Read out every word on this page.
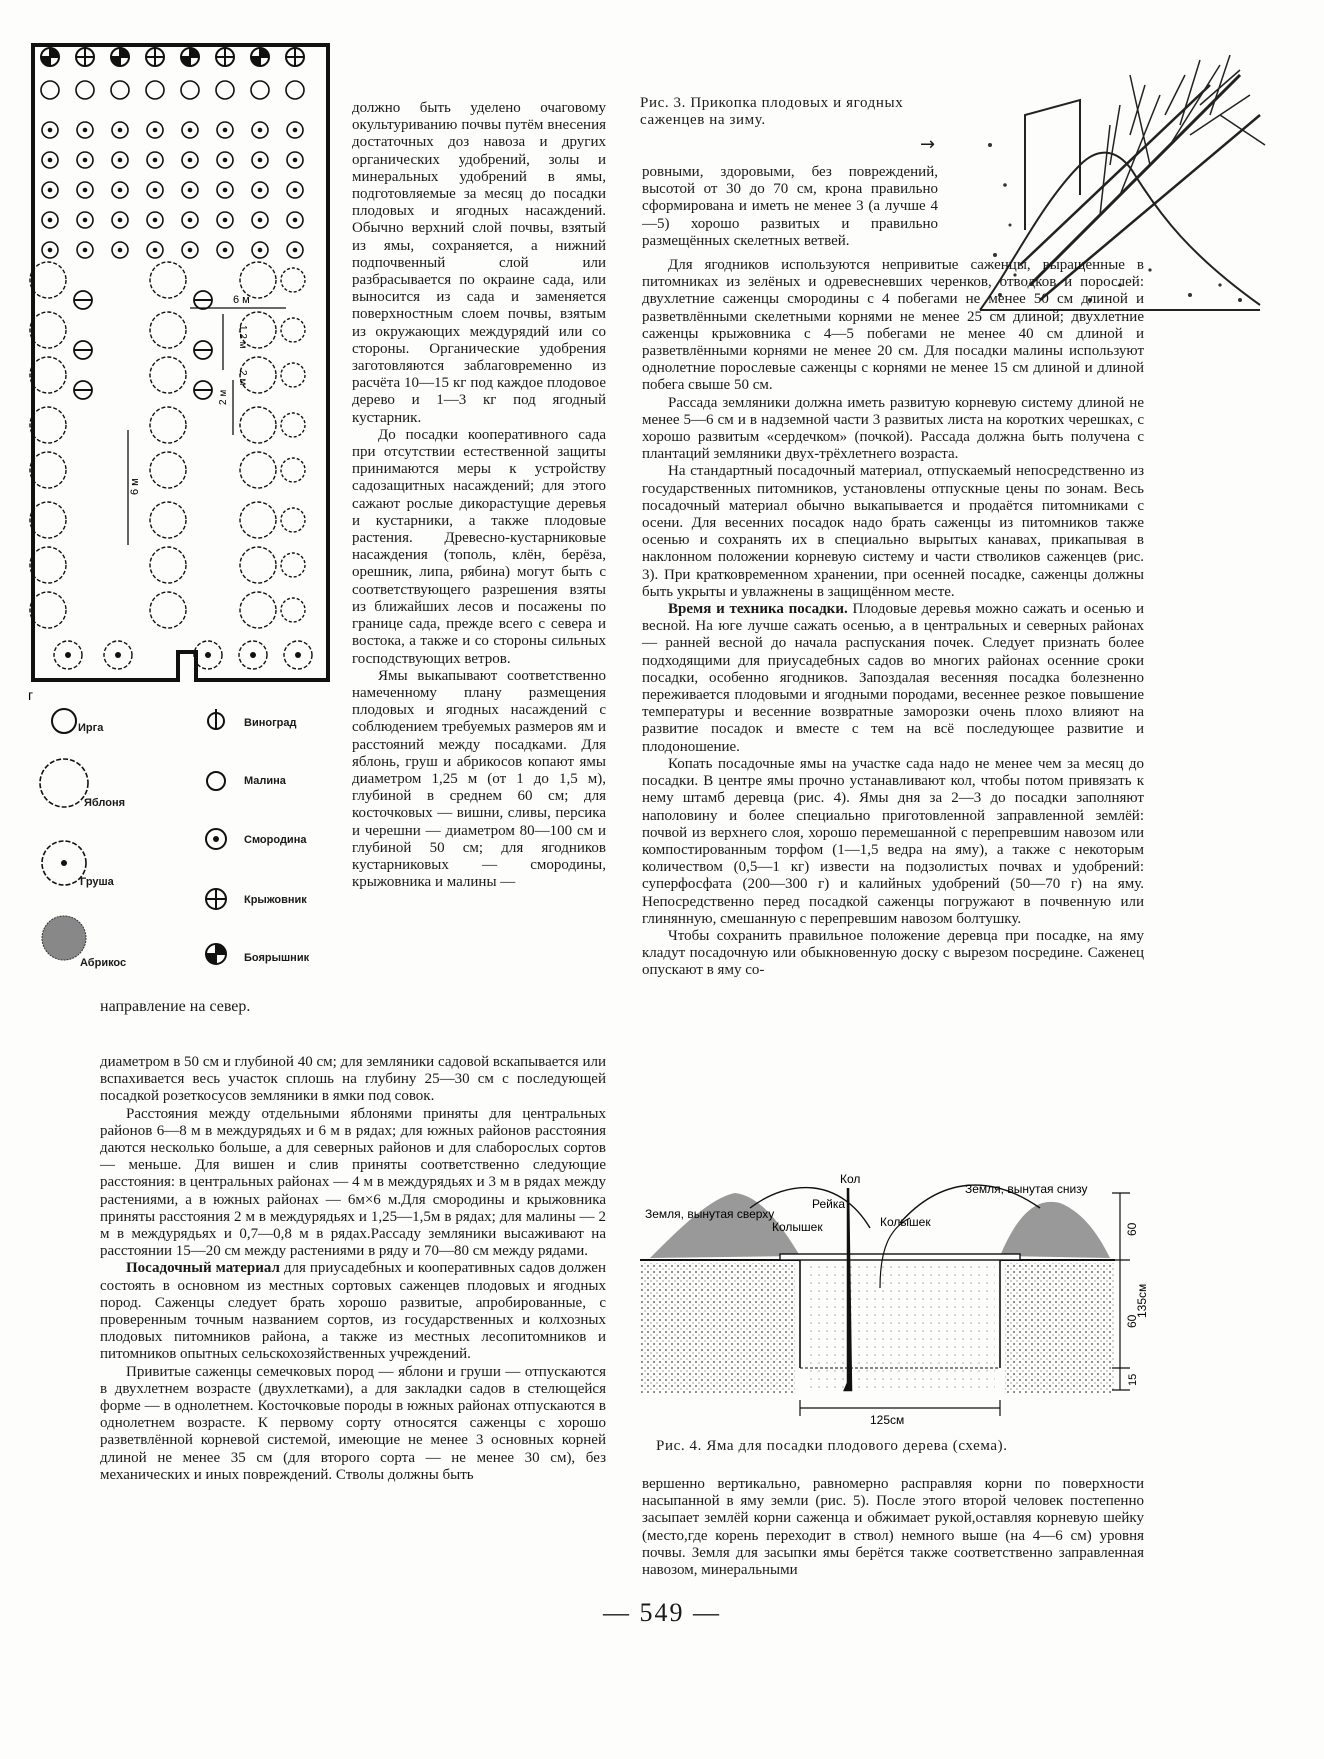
6 м
1,2 м
2 м
2 м
6 м
г
Ирга
Яблоня
Груша
Абрикос
Виноград
Малина
Смородина
Крыжовник
Боярышник

направление на север.

должно быть уделено очаговому окультуриванию почвы путём внесения достаточных доз навоза и других органических удобрений, золы и минеральных удобрений в ямы, подготовляемые за месяц до посадки плодовых и ягодных насаждений. Обычно верхний слой почвы, взятый из ямы, сохраняется, а нижний подпочвенный слой или разбрасывается по окраине сада, или выносится из сада и заменяется поверхностным слоем почвы, взятым из окружающих междурядий или со стороны. Органические удобрения заготовляются заблаговременно из расчёта 10—15 кг под каждое плодовое дерево и 1—3 кг под ягодный кустарник.

До посадки кооперативного сада при отсутствии естественной защиты принимаются меры к устройству садозащитных насаждений; для этого сажают рослые дикорастущие деревья и кустарники, а также плодовые растения. Древесно-кустарниковые насаждения (тополь, клён, берёза, орешник, липа, рябина) могут быть с соответствующего разрешения взяты из ближайших лесов и посажены по границе сада, прежде всего с севера и востока, а также и со стороны сильных господствующих ветров.

Ямы выкапывают соответственно намеченному плану размещения плодовых и ягодных насаждений с соблюдением требуемых размеров ям и расстояний между посадками. Для яблонь, груш и абрикосов копают ямы диаметром 1,25 м (от 1 до 1,5 м), глубиной в среднем 60 см; для косточковых — вишни, сливы, персика и черешни — диаметром 80—100 см и глубиной 50 см; для ягодников кустарниковых — смородины, крыжовника и малины —

диаметром в 50 см и глубиной 40 см; для земляники садовой вскапывается или вспахивается весь участок сплошь на глубину 25—30 см с последующей посадкой розеткосусов земляники в ямки под совок.

Расстояния между отдельными яблонями приняты для центральных районов 6—8 м в междурядьях и 6 м в рядах; для южных районов расстояния даются несколько больше, а для северных районов и для слаборослых сортов — меньше. Для вишен и слив приняты соответственно следующие расстояния: в центральных районах — 4 м в междурядьях и 3 м в рядах между растениями, а в южных районах — 6м×6 м.Для смородины и крыжовника приняты расстояния 2 м в междурядьях и 1,25—1,5м в рядах; для малины — 2 м в междурядьях и 0,7—0,8 м в рядах.Рассаду земляники высаживают на расстоянии 15—20 см между растениями в ряду и 70—80 см между рядами.

Посадочный материал для приусадебных и кооперативных садов должен состоять в основном из местных сортовых саженцев плодовых и ягодных пород. Саженцы следует брать хорошо развитые, апробированные, с проверенным точным названием сортов, из государственных и колхозных плодовых питомников района, а также из местных лесопитомников и питомников опытных сельскохозяйственных учреждений.

Привитые саженцы семечковых пород — яблони и груши — отпускаются в двухлетнем возрасте (двухлетками), а для закладки садов в стелющейся форме — в однолетнем. Косточковые породы в южных районах отпускаются в однолетнем возрасте. К первому сорту относятся саженцы с хорошо разветвлённой корневой системой, имеющие не менее 3 основных корней длиной не менее 35 см (для второго сорта — не менее 30 см), без механических и иных повреждений. Стволы должны быть

Рис. 3. Прикопка плодовых и ягодных саженцев на зиму.
→

ровными, здоровыми, без повреждений, высотой от 30 до 70 см, крона правильно сформирована и иметь не менее 3 (а лучше 4—5) хорошо развитых и правильно размещённых скелетных ветвей.

Для ягодников используются непривитые саженцы, выращенные в питомниках из зелёных и одревесневших черенков, отводков и порослей: двухлетние саженцы смородины с 4 побегами не менее 50 см длиной и разветвлёнными скелетными корнями не менее 25 см длиной; двухлетние саженцы крыжовника с 4—5 побегами не менее 40 см длиной и разветвлёнными корнями не менее 20 см. Для посадки малины используют однолетние порослевые саженцы с корнями не менее 15 см длиной и длиной побега свыше 50 см.

Рассада земляники должна иметь развитую корневую систему длиной не менее 5—6 см и в надземной части 3 развитых листа на коротких черешках, с хорошо развитым «сердечком» (почкой). Рассада должна быть получена с плантаций земляники двух-трёхлетнего возраста.

На стандартный посадочный материал, отпускаемый непосредственно из государственных питомников, установлены отпускные цены по зонам. Весь посадочный материал обычно выкапывается и продаётся питомниками с осени. Для весенних посадок надо брать саженцы из питомников также осенью и сохранять их в специально вырытых канавах, прикапывая в наклонном положении корневую систему и части стволиков саженцев (рис. 3). При кратковременном хранении, при осенней посадке, саженцы должны быть укрыты и увлажнены в защищённом месте.

Время и техника посадки. Плодовые деревья можно сажать и осенью и весной. На юге лучше сажать осенью, а в центральных и северных районах — ранней весной до начала распускания почек. Следует признать более подходящими для приусадебных садов во многих районах осенние сроки посадки, особенно ягодников. Запоздалая весенняя посадка болезненно переживается плодовыми и ягодными породами, весеннее резкое повышение температуры и весенние возвратные заморозки очень плохо влияют на развитие посадок и вместе с тем на всё последующее развитие и плодоношение.

Копать посадочные ямы на участке сада надо не менее чем за месяц до посадки. В центре ямы прочно устанавливают кол, чтобы потом привязать к нему штамб деревца (рис. 4). Ямы дня за 2—3 до посадки заполняют наполовину и более специально приготовленной заправленной землёй: почвой из верхнего слоя, хорошо перемешанной с перепревшим навозом или компостированным торфом (1—1,5 ведра на яму), а также с некоторым количеством (0,5—1 кг) извести на подзолистых почвах и удобрений: суперфосфата (200—300 г) и калийных удобрений (50—70 г) на яму. Непосредственно перед посадкой саженцы погружают в почвенную или глинянную, смешанную с перепревшим навозом болтушку.

Чтобы сохранить правильное положение деревца при посадке, на яму кладут посадочную или обыкновенную доску с вырезом посредине. Саженец опускают в яму со-

Кол
Рейка
Колышек	Колышек
Земля, вынутая сверху
Земля, вынутая снизу
60
135см
60
15
125см
Рис. 4. Яма для посадки плодового дерева (схема).

вершенно вертикально, равномерно расправляя корни по поверхности насыпанной в яму земли (рис. 5). После этого второй человек постепенно засыпает землёй корни саженца и обжимает рукой,оставляя корневую шейку (место,где корень переходит в ствол) немного выше (на 4—6 см) уровня почвы. Земля для засыпки ямы берётся также соответственно заправленная навозом, минеральными

— 549 —
